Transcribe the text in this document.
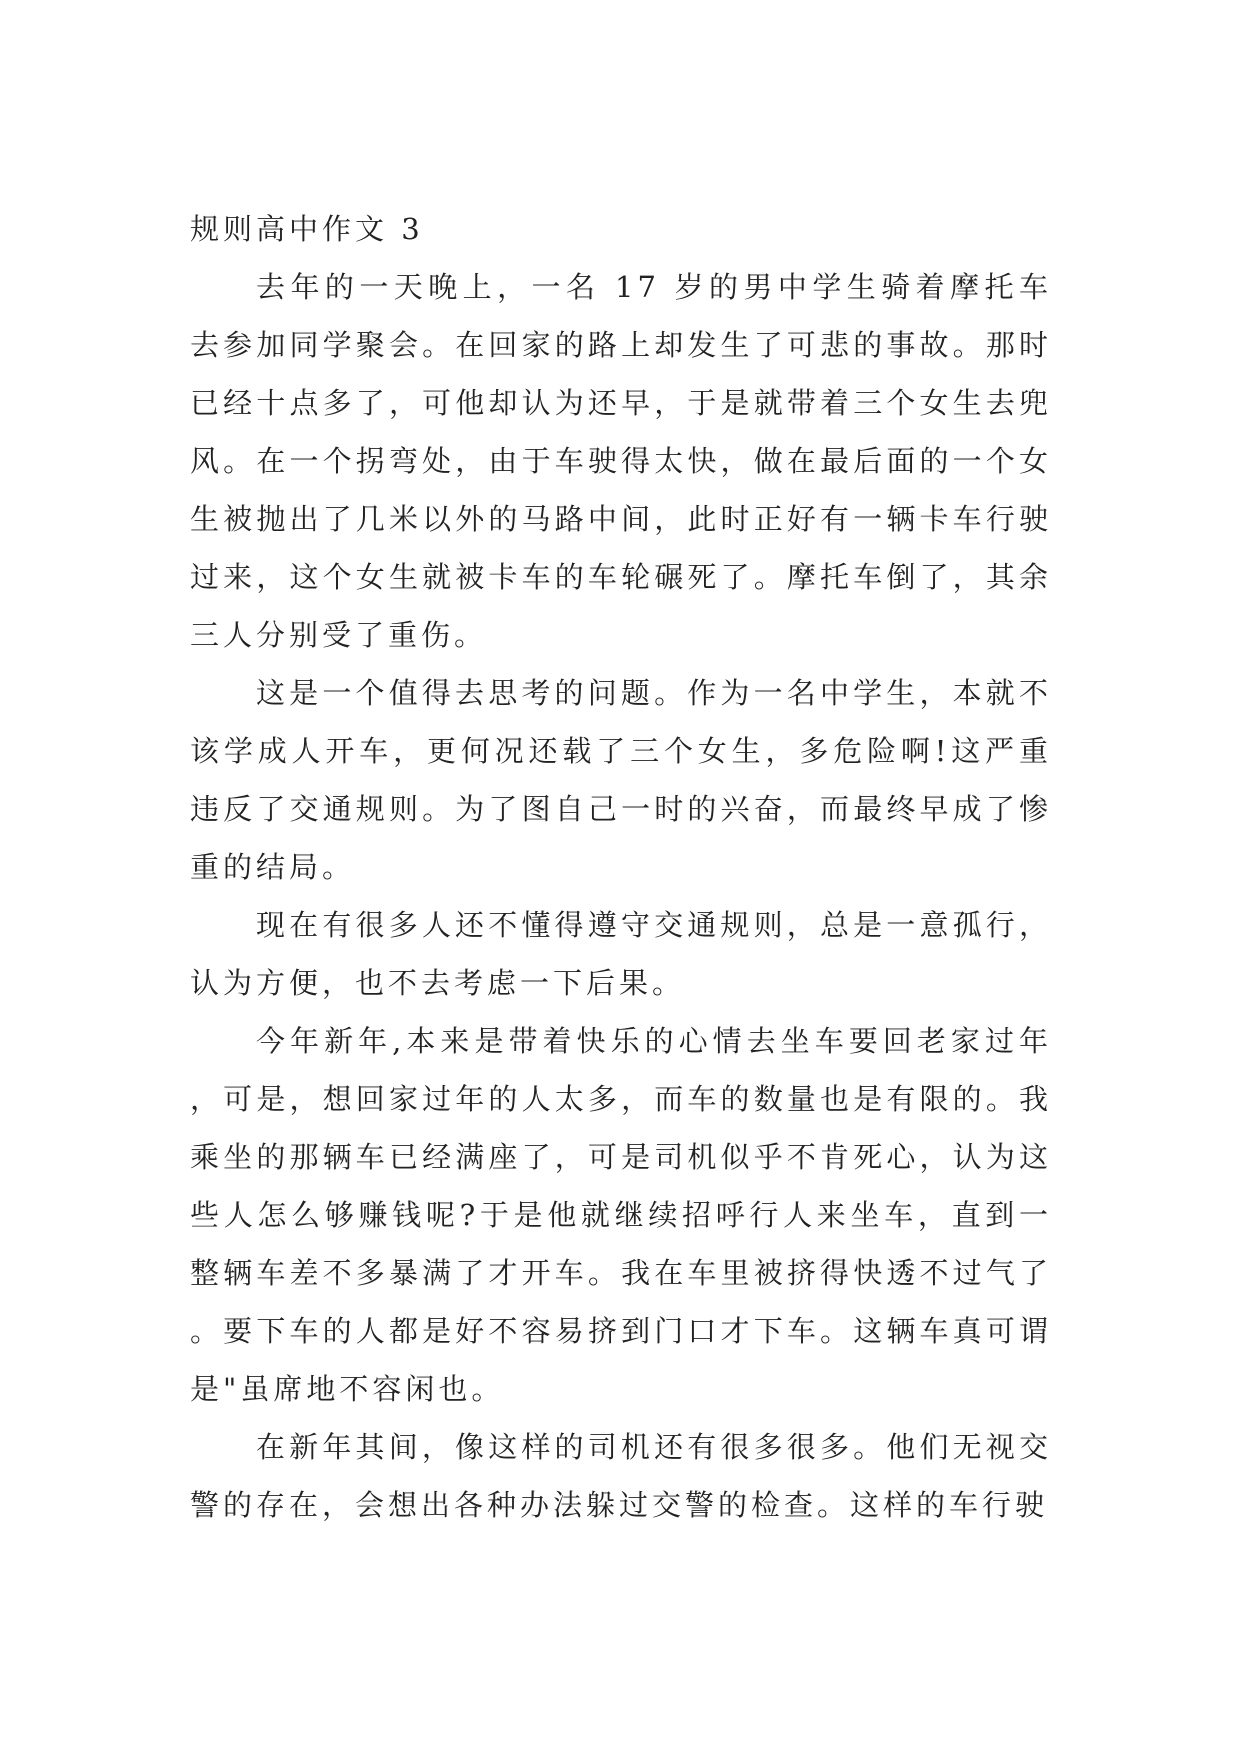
规则高中作文 3

去年的一天晚上，一名 17 岁的男中学生骑着摩托车去参加同学聚会。在回家的路上却发生了可悲的事故。那时已经十点多了，可他却认为还早，于是就带着三个女生去兜风。在一个拐弯处，由于车驶得太快，做在最后面的一个女生被抛出了几米以外的马路中间，此时正好有一辆卡车行驶过来，这个女生就被卡车的车轮碾死了。摩托车倒了，其余三人分别受了重伤。

这是一个值得去思考的问题。作为一名中学生，本就不该学成人开车，更何况还载了三个女生，多危险啊!这严重违反了交通规则。为了图自己一时的兴奋，而最终早成了惨重的结局。

现在有很多人还不懂得遵守交通规则，总是一意孤行，认为方便，也不去考虑一下后果。

今年新年,本来是带着快乐的心情去坐车要回老家过年，可是，想回家过年的人太多，而车的数量也是有限的。我乘坐的那辆车已经满座了，可是司机似乎不肯死心，认为这些人怎么够赚钱呢?于是他就继续招呼行人来坐车，直到一整辆车差不多暴满了才开车。我在车里被挤得快透不过气了。要下车的人都是好不容易挤到门口才下车。这辆车真可谓是"虽席地不容闲也。

在新年其间，像这样的司机还有很多很多。他们无视交警的存在，会想出各种办法躲过交警的检查。这样的车行驶
